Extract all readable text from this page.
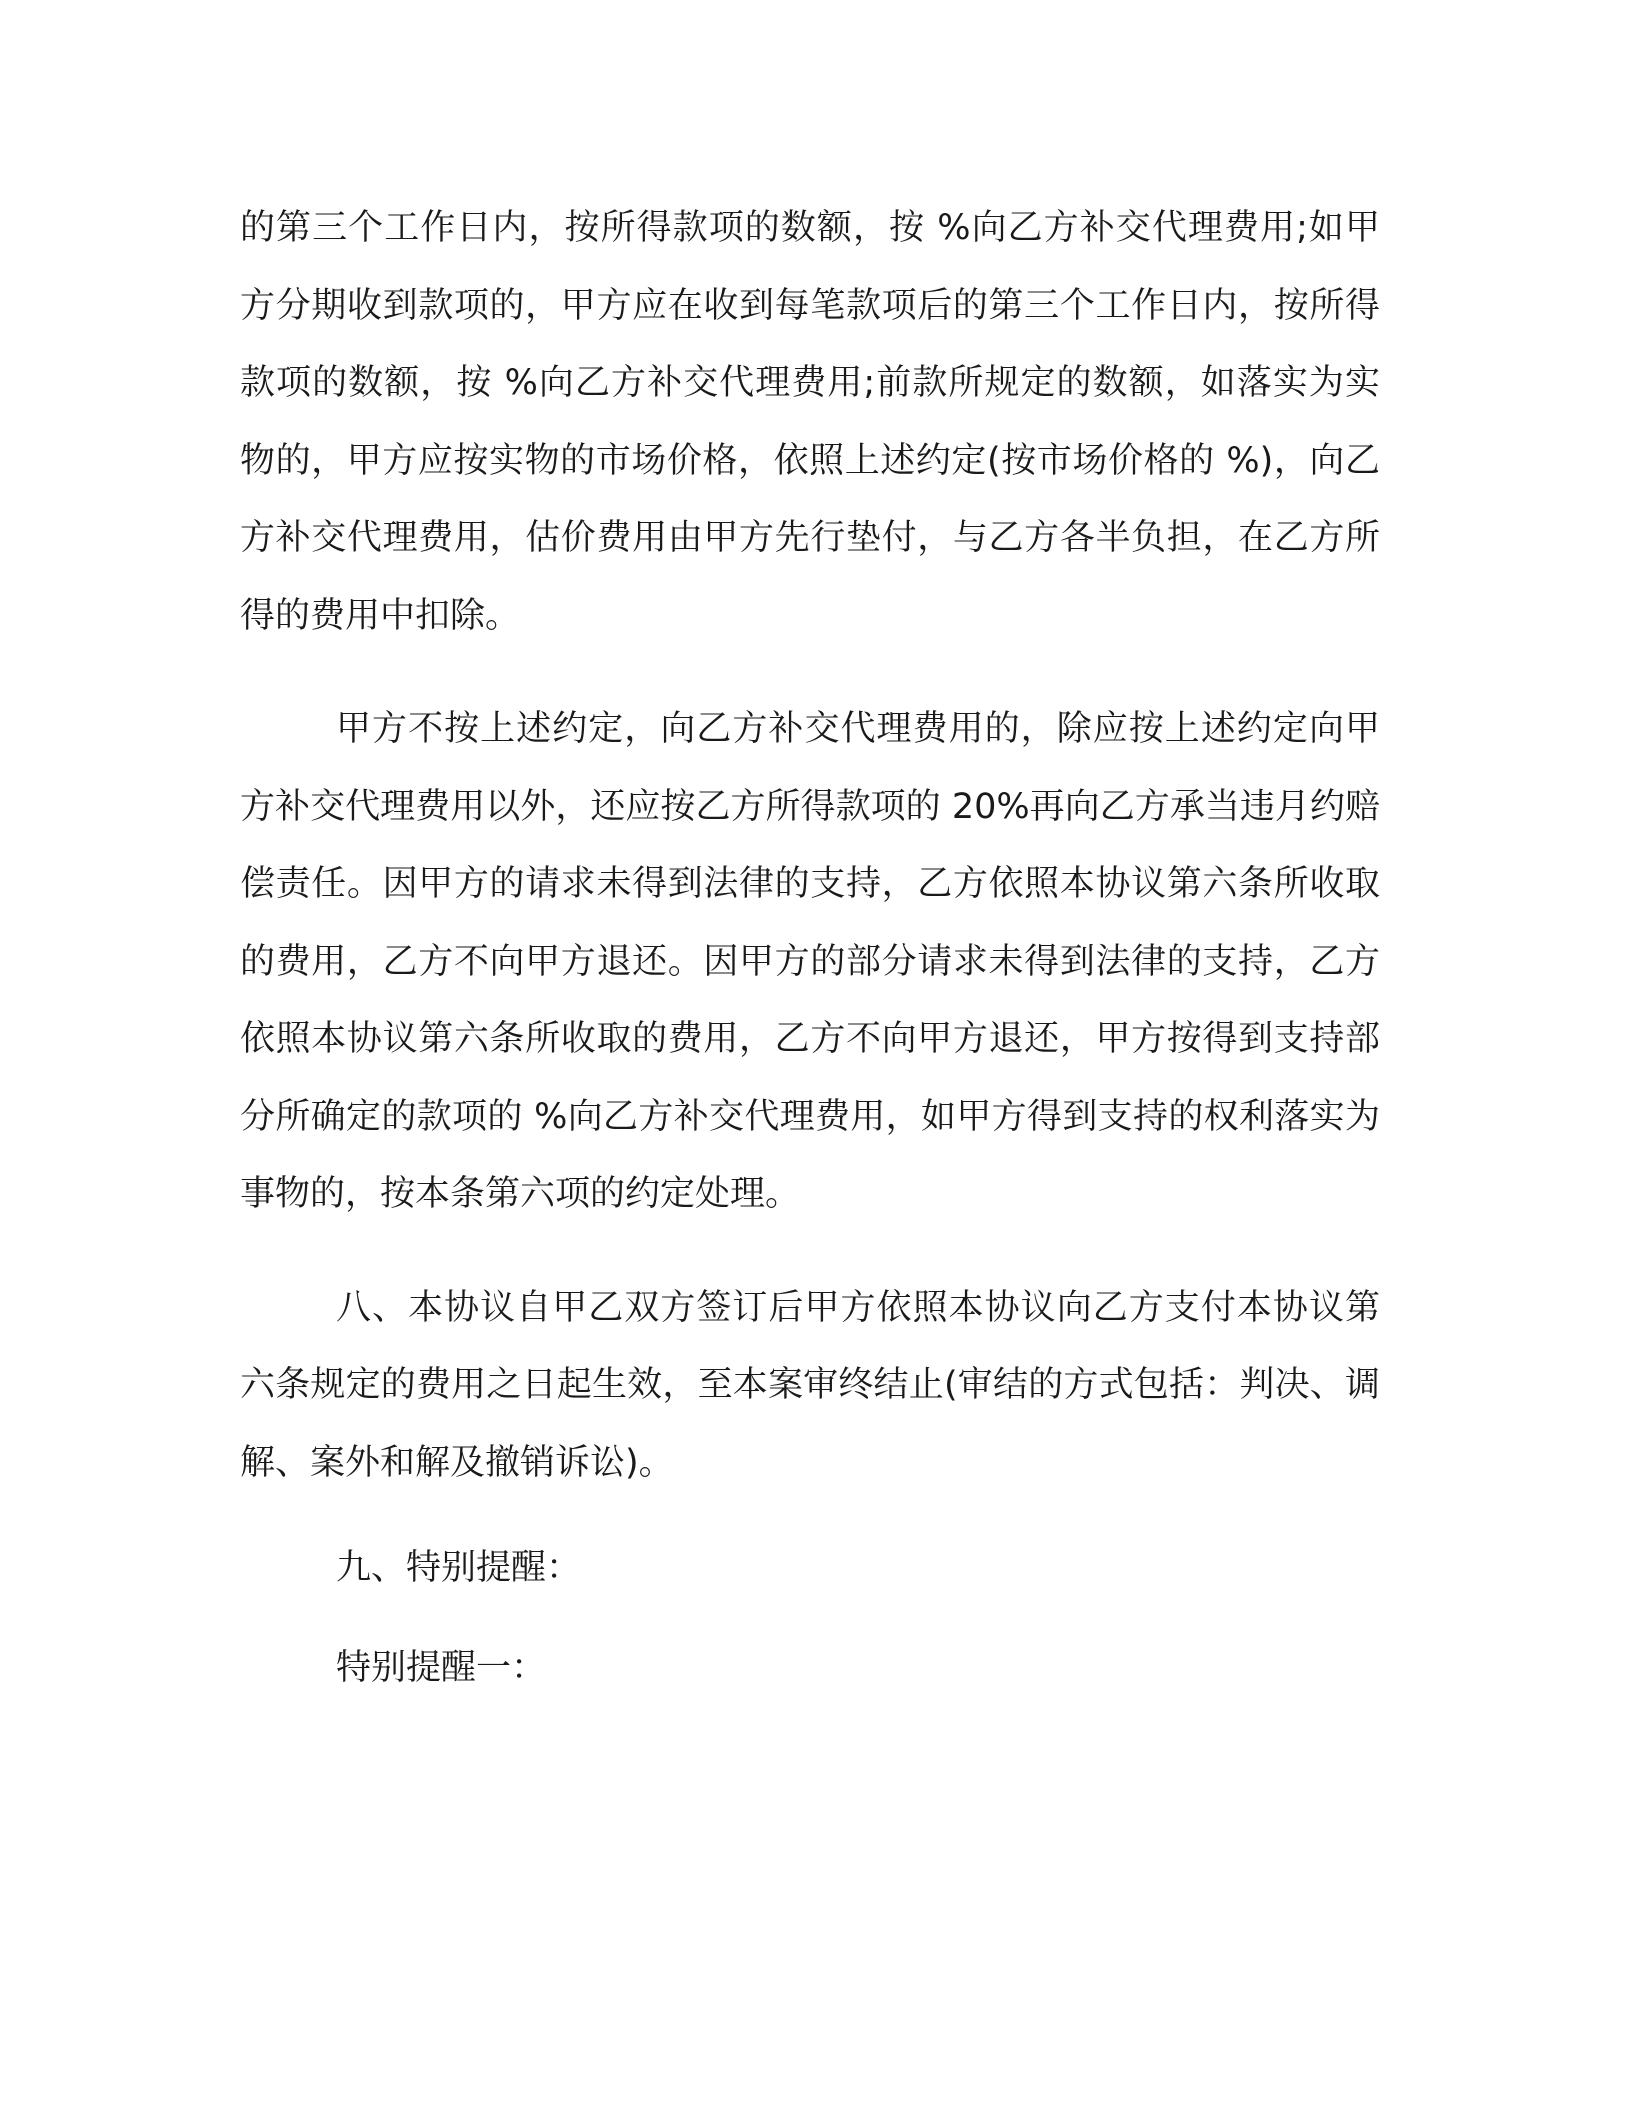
的第三个工作日内，按所得款项的数额，按 %向乙方补交代理费用;如甲方分期收到款项的，甲方应在收到每笔款项后的第三个工作日内，按所得款项的数额，按 %向乙方补交代理费用;前款所规定的数额，如落实为实物的，甲方应按实物的市场价格，依照上述约定(按市场价格的 %)，向乙方补交代理费用，估价费用由甲方先行垫付，与乙方各半负担，在乙方所得的费用中扣除。

甲方不按上述约定，向乙方补交代理费用的，除应按上述约定向甲方补交代理费用以外，还应按乙方所得款项的 20%再向乙方承当违月约赔偿责任。因甲方的请求未得到法律的支持，乙方依照本协议第六条所收取的费用，乙方不向甲方退还。因甲方的部分请求未得到法律的支持，乙方依照本协议第六条所收取的费用，乙方不向甲方退还，甲方按得到支持部分所确定的款项的 %向乙方补交代理费用，如甲方得到支持的权利落实为事物的，按本条第六项的约定处理。

八、本协议自甲乙双方签订后甲方依照本协议向乙方支付本协议第六条规定的费用之日起生效，至本案审终结止(审结的方式包括：判决、调解、案外和解及撤销诉讼)。

九、特别提醒：

特别提醒一：
